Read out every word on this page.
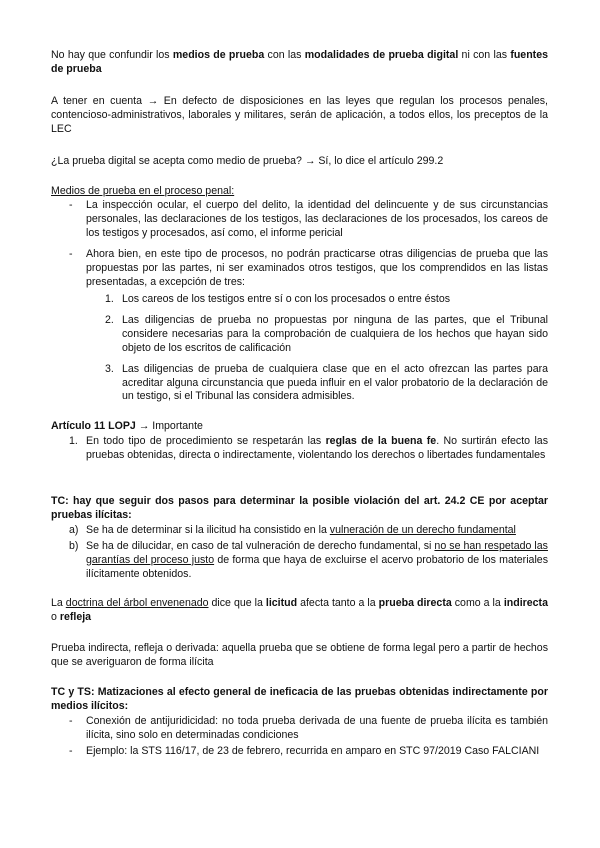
No hay que confundir los medios de prueba con las modalidades de prueba digital ni con las fuentes de prueba

A tener en cuenta → En defecto de disposiciones en las leyes que regulan los procesos penales, contencioso-administrativos, laborales y militares, serán de aplicación, a todos ellos, los preceptos de la LEC

¿La prueba digital se acepta como medio de prueba? → Sí, lo dice el artículo 299.2

Medios de prueba en el proceso penal:

- La inspección ocular, el cuerpo del delito, la identidad del delincuente y de sus circunstancias personales, las declaraciones de los testigos, las declaraciones de los procesados, los careos de los testigos y procesados, así como, el informe pericial
- Ahora bien, en este tipo de procesos, no podrán practicarse otras diligencias de prueba que las propuestas por las partes, ni ser examinados otros testigos, que los comprendidos en las listas presentadas, a excepción de tres:
1. Los careos de los testigos entre sí o con los procesados o entre éstos
2. Las diligencias de prueba no propuestas por ninguna de las partes, que el Tribunal considere necesarias para la comprobación de cualquiera de los hechos que hayan sido objeto de los escritos de calificación
3. Las diligencias de prueba de cualquiera clase que en el acto ofrezcan las partes para acreditar alguna circunstancia que pueda influir en el valor probatorio de la declaración de un testigo, si el Tribunal las considera admisibles.

Artículo 11 LOPJ → Importante

1. En todo tipo de procedimiento se respetarán las reglas de la buena fe. No surtirán efecto las pruebas obtenidas, directa o indirectamente, violentando los derechos o libertades fundamentales

TC: hay que seguir dos pasos para determinar la posible violación del art. 24.2 CE por aceptar pruebas ilícitas:

a) Se ha de determinar si la ilicitud ha consistido en la vulneración de un derecho fundamental
b) Se ha de dilucidar, en caso de tal vulneración de derecho fundamental, si no se han respetado las garantías del proceso justo de forma que haya de excluirse el acervo probatorio de los materiales ilícitamente obtenidos.

La doctrina del árbol envenenado dice que la licitud afecta tanto a la prueba directa como a la indirecta o refleja

Prueba indirecta, refleja o derivada: aquella prueba que se obtiene de forma legal pero a partir de hechos que se averiguaron de forma ilícita

TC y TS: Matizaciones al efecto general de ineficacia de las pruebas obtenidas indirectamente por medios ilícitos:

- Conexión de antijuridicidad: no toda prueba derivada de una fuente de prueba ilícita es también ilícita, sino solo en determinadas condiciones
- Ejemplo: la STS 116/17, de 23 de febrero, recurrida en amparo en STC 97/2019 Caso FALCIANI
